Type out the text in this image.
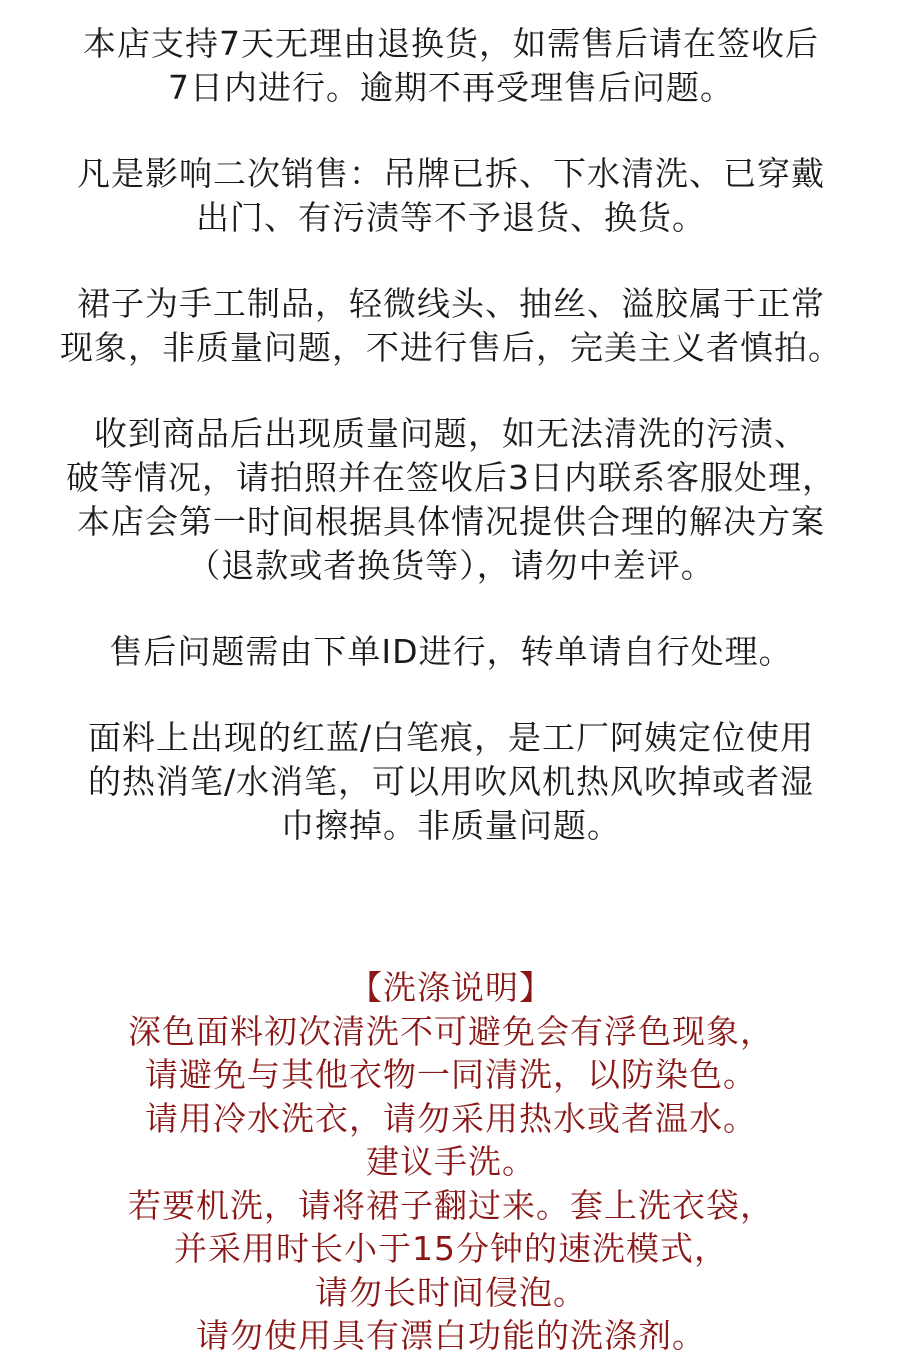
本店支持7天无理由退换货，如需售后请在签收后
7日内进行。逾期不再受理售后问题。
凡是影响二次销售：吊牌已拆、下水清洗、已穿戴
出门、有污渍等不予退货、换货。
裙子为手工制品，轻微线头、抽丝、溢胶属于正常
现象，非质量问题，不进行售后，完美主义者慎拍。
收到商品后出现质量问题，如无法清洗的污渍、
破等情况，请拍照并在签收后3日内联系客服处理，
本店会第一时间根据具体情况提供合理的解决方案
（退款或者换货等），请勿中差评。
售后问题需由下单ID进行，转单请自行处理。
面料上出现的红蓝/白笔痕，是工厂阿姨定位使用
的热消笔/水消笔，可以用吹风机热风吹掉或者湿
巾擦掉。非质量问题。
【洗涤说明】
深色面料初次清洗不可避免会有浮色现象，
请避免与其他衣物一同清洗，以防染色。
请用冷水洗衣，请勿采用热水或者温水。
建议手洗。
若要机洗，请将裙子翻过来。套上洗衣袋，
并采用时长小于15分钟的速洗模式，
请勿长时间侵泡。
请勿使用具有漂白功能的洗涤剂。
